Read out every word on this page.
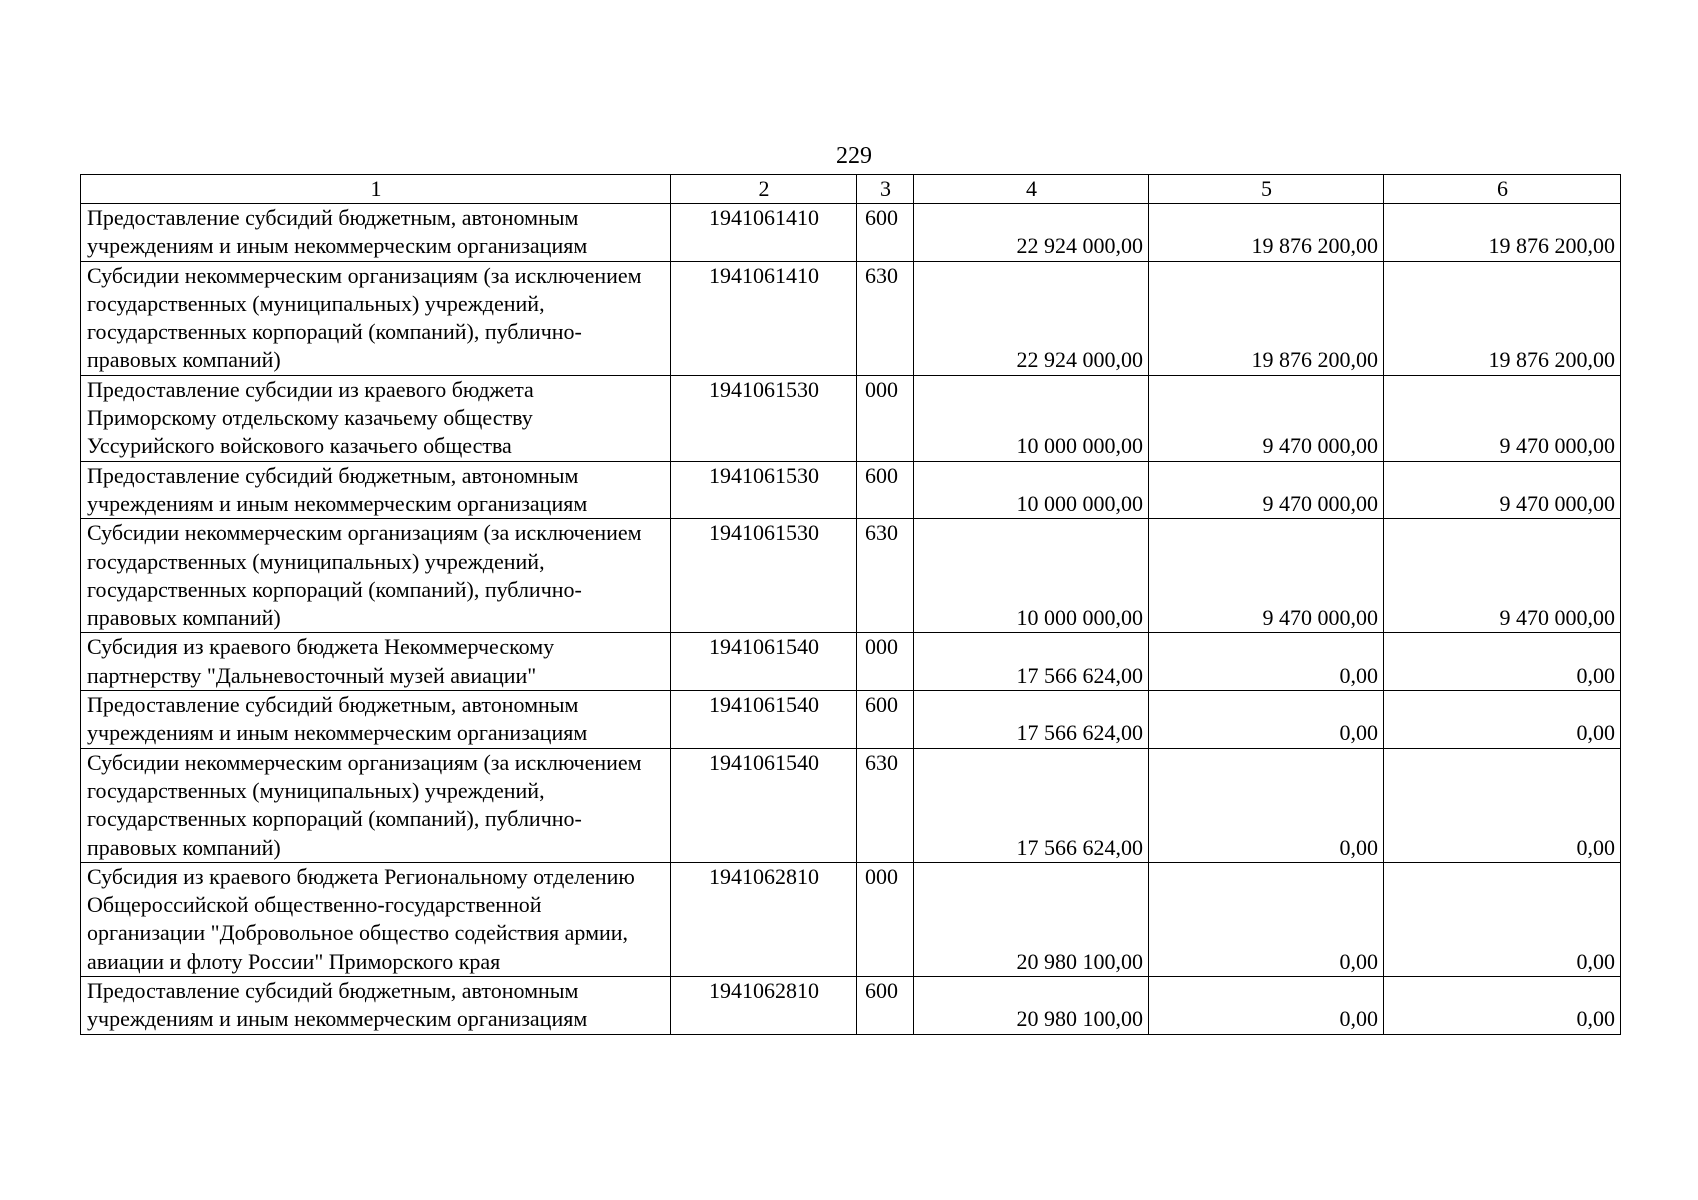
229
1	2	3	4	5	6
Предоставление субсидий бюджетным, автономным учреждениям и иным некоммерческим организациям	1941061410	600	22 924 000,00	19 876 200,00	19 876 200,00
Субсидии некоммерческим организациям (за исключением государственных (муниципальных) учреждений, государственных корпораций (компаний), публично-правовых компаний)	1941061410	630	22 924 000,00	19 876 200,00	19 876 200,00
Предоставление субсидии из краевого бюджета Приморскому отдельскому казачьему обществу Уссурийского войскового казачьего общества	1941061530	000	10 000 000,00	9 470 000,00	9 470 000,00
Предоставление субсидий бюджетным, автономным учреждениям и иным некоммерческим организациям	1941061530	600	10 000 000,00	9 470 000,00	9 470 000,00
Субсидии некоммерческим организациям (за исключением государственных (муниципальных) учреждений, государственных корпораций (компаний), публично-правовых компаний)	1941061530	630	10 000 000,00	9 470 000,00	9 470 000,00
Субсидия из краевого бюджета Некоммерческому партнерству "Дальневосточный музей авиации"	1941061540	000	17 566 624,00	0,00	0,00
Предоставление субсидий бюджетным, автономным учреждениям и иным некоммерческим организациям	1941061540	600	17 566 624,00	0,00	0,00
Субсидии некоммерческим организациям (за исключением государственных (муниципальных) учреждений, государственных корпораций (компаний), публично-правовых компаний)	1941061540	630	17 566 624,00	0,00	0,00
Субсидия из краевого бюджета Региональному отделению Общероссийской общественно-государственной организации "Добровольное общество содействия армии, авиации и флоту России" Приморского края	1941062810	000	20 980 100,00	0,00	0,00
Предоставление субсидий бюджетным, автономным учреждениям и иным некоммерческим организациям	1941062810	600	20 980 100,00	0,00	0,00
